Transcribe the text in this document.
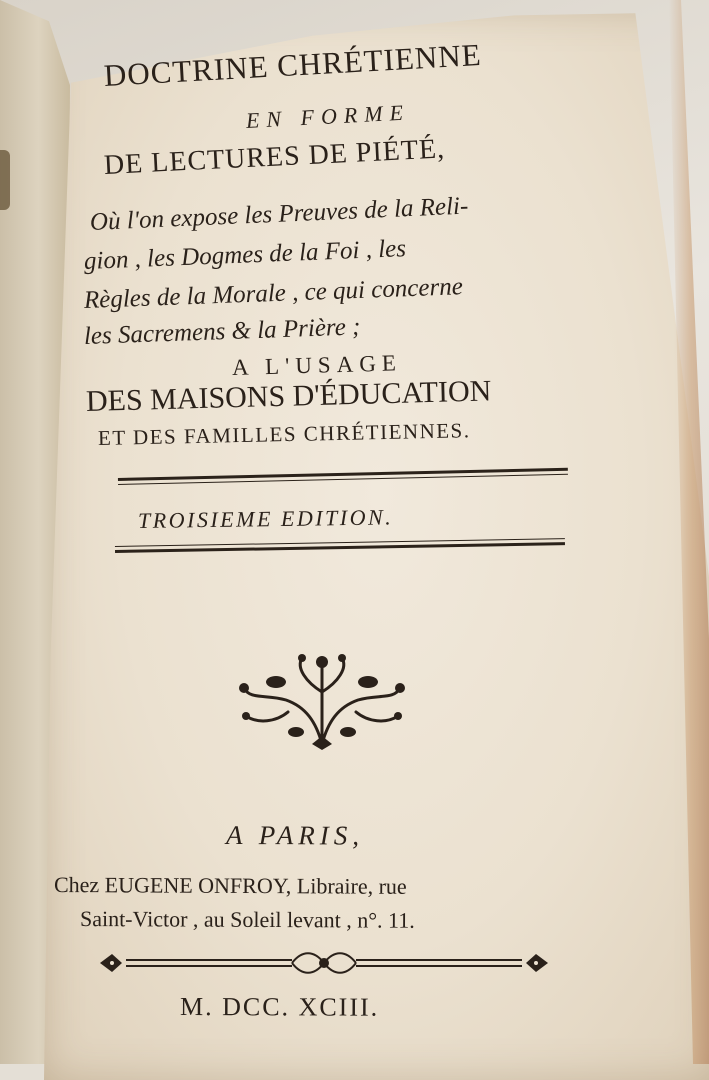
DOCTRINE CHRÉTIENNE
EN FORME
DE LECTURES DE PIÉTÉ,
Où l'on expose les Preuves de la Reli-
gion , les Dogmes de la Foi , les
Règles de la Morale , ce qui concerne
les Sacremens & la Prière ;
A L'USAGE
DES MAISONS D'ÉDUCATION
ET DES FAMILLES CHRÉTIENNES.
TROISIEME EDITION.
A PARIS,
Chez EUGENE ONFROY, Libraire, rue
Saint-Victor , au Soleil levant , n°. 11.
M. DCC. XCIII.
